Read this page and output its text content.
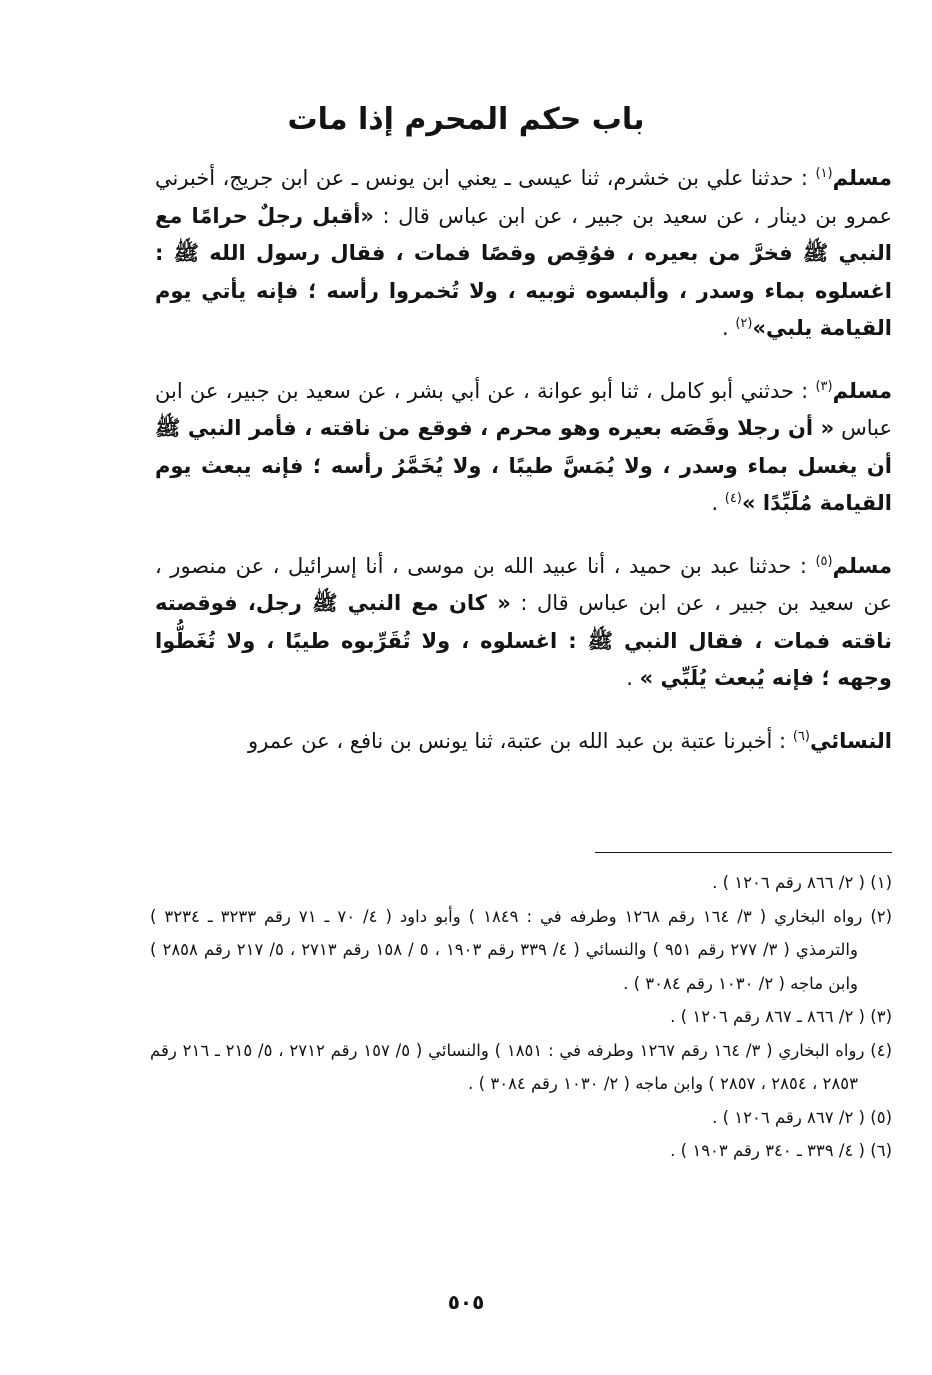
باب حكم المحرم إذا مات

مسلم$^{(١)}$ : حدثنا علي بن خشرم، ثنا عيسى ـ يعني ابن يونس ـ عن ابن جريج، أخبرني عمرو بن دينار ، عن سعيد بن جبير ، عن ابن عباس قال : «أقبل رجلٌ حرامًا مع النبي ﷺ فخرَّ من بعيره ، فوُقِص وقصًا فمات ، فقال رسول الله ﷺ : اغسلوه بماء وسدر ، وألبسوه ثوبيه ، ولا تُخمروا رأسه ؛ فإنه يأتي يوم القيامة يلبي»$^{(٢)}$ .

مسلم$^{(٣)}$ : حدثني أبو كامل ، ثنا أبو عوانة ، عن أبي بشر ، عن سعيد بن جبير، عن ابن عباس « أن رجلا وقَصَه بعيره وهو محرم ، فوقع من ناقته ، فأمر النبي ﷺ أن يغسل بماء وسدر ، ولا يُمَسَّ طيبًا ، ولا يُخَمَّرُ رأسه ؛ فإنه يبعث يوم القيامة مُلَبِّدًا »$^{(٤)}$ .

مسلم$^{(٥)}$ : حدثنا عبد بن حميد ، أنا عبيد الله بن موسى ، أنا إسرائيل ، عن منصور ، عن سعيد بن جبير ، عن ابن عباس قال : « كان مع النبي ﷺ رجل، فوقصته ناقته فمات ، فقال النبي ﷺ : اغسلوه ، ولا تُقَرِّبوه طيبًا ، ولا تُغَطُّوا وجهه ؛ فإنه يُبعث يُلَبِّي » .

النسائي$^{(٦)}$ : أخبرنا عتبة بن عبد الله بن عتبة، ثنا يونس بن نافع ، عن عمرو

(١) ( ٢/ ٨٦٦ رقم ١٢٠٦ ) .

(٢) رواه البخاري ( ٣/ ١٦٤ رقم ١٢٦٨ وطرفه في : ١٨٤٩ ) وأبو داود ( ٤/ ٧٠ ـ ٧١ رقم ٣٢٣٣ ـ ٣٢٣٤ ) والترمذي ( ٣/ ٢٧٧ رقم ٩٥١ ) والنسائي ( ٤/ ٣٣٩ رقم ١٩٠٣ ، ٥ / ١٥٨ رقم ٢٧١٣ ، ٥/ ٢١٧ رقم ٢٨٥٨ ) وابن ماجه ( ٢/ ١٠٣٠ رقم ٣٠٨٤ ) .

(٣) ( ٢/ ٨٦٦ ـ ٨٦٧ رقم ١٢٠٦ ) .

(٤) رواه البخاري ( ٣/ ١٦٤ رقم ١٢٦٧ وطرفه في : ١٨٥١ ) والنسائي ( ٥/ ١٥٧ رقم ٢٧١٢ ، ٥/ ٢١٥ ـ ٢١٦ رقم ٢٨٥٣ ، ٢٨٥٤ ، ٢٨٥٧ ) وابن ماجه ( ٢/ ١٠٣٠ رقم ٣٠٨٤ ) .

(٥) ( ٢/ ٨٦٧ رقم ١٢٠٦ ) .

(٦) ( ٤/ ٣٣٩ ـ ٣٤٠ رقم ١٩٠٣ ) .

٥٠٥
